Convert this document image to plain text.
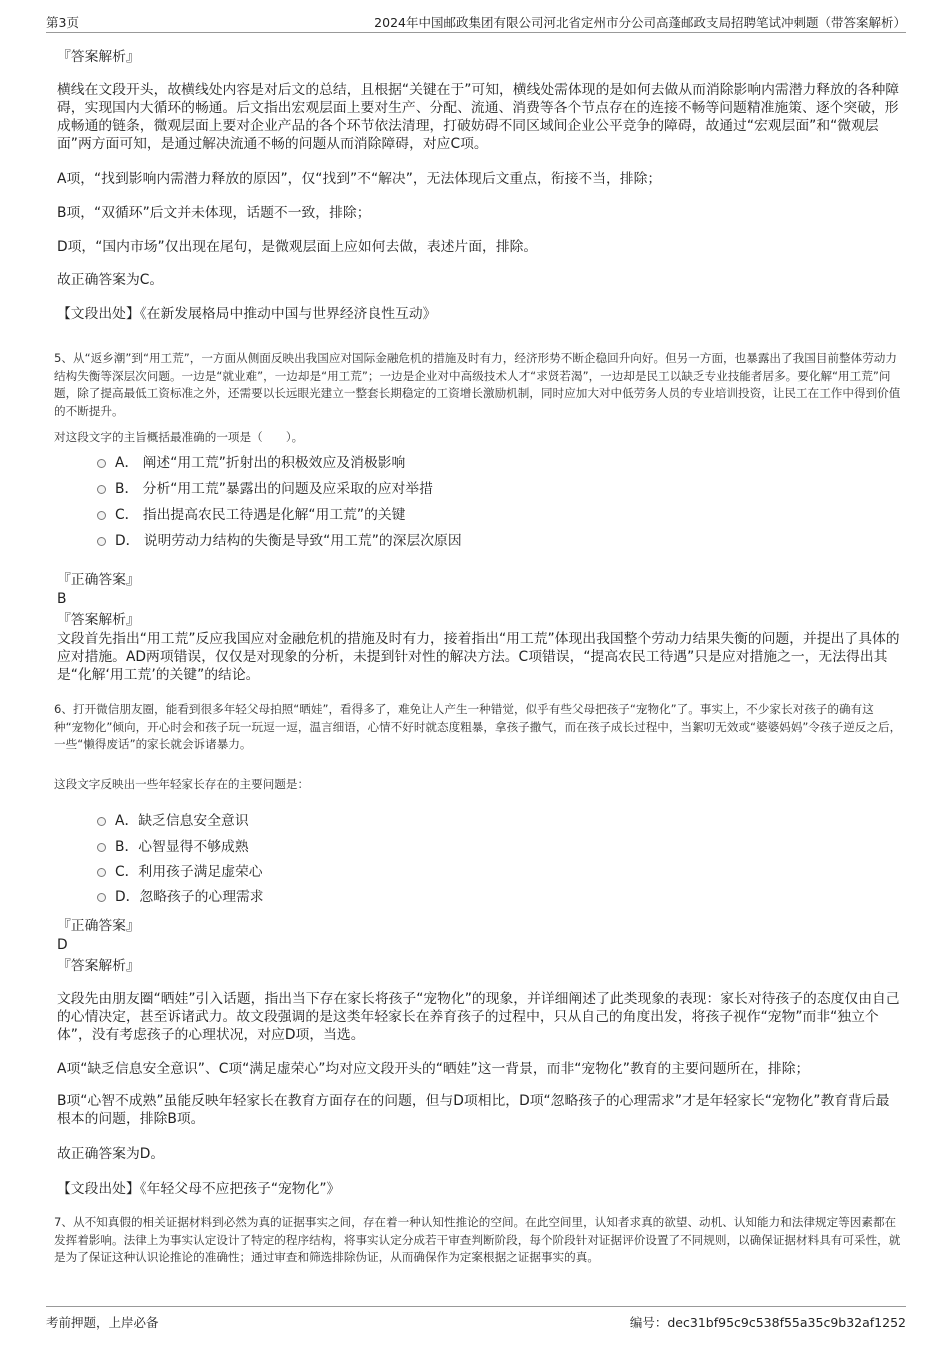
第3页	2024年中国邮政集团有限公司河北省定州市分公司高蓬邮政支局招聘笔试冲刺题（带答案解析）
『答案解析』
横线在文段开头，故横线处内容是对后文的总结，且根据“关键在于”可知，横线处需体现的是如何去做从而消除影响内需潜力释放的各种障碍，实现国内大循环的畅通。后文指出宏观层面上要对生产、分配、流通、消费等各个节点存在的连接不畅等问题精准施策、逐个突破，形成畅通的链条，微观层面上要对企业产品的各个环节依法清理，打破妨碍不同区域间企业公平竞争的障碍，故通过“宏观层面”和“微观层面”两方面可知，是通过解决流通不畅的问题从而消除障碍，对应C项。
A项，“找到影响内需潜力释放的原因”，仅“找到”不“解决”，无法体现后文重点，衔接不当，排除；
B项，“双循环”后文并未体现，话题不一致，排除；
D项，“国内市场”仅出现在尾句，是微观层面上应如何去做，表述片面，排除。
故正确答案为C。
【文段出处】《在新发展格局中推动中国与世界经济良性互动》
5、从“返乡潮”到“用工荒”，一方面从侧面反映出我国应对国际金融危机的措施及时有力，经济形势不断企稳回升向好。但另一方面，也暴露出了我国目前整体劳动力结构失衡等深层次问题。一边是“就业难”，一边却是“用工荒”；一边是企业对中高级技术人才“求贤若渴”，一边却是民工以缺乏专业技能者居多。要化解“用工荒”问题，除了提高最低工资标准之外，还需要以长远眼光建立一整套长期稳定的工资增长激励机制，同时应加大对中低劳务人员的专业培训投资，让民工在工作中得到价值的不断提升。
对这段文字的主旨概括最准确的一项是（　　）。
A． 阐述“用工荒”折射出的积极效应及消极影响
B． 分析“用工荒”暴露出的问题及应采取的应对举措
C． 指出提高农民工待遇是化解“用工荒”的关键
D． 说明劳动力结构的失衡是导致“用工荒”的深层次原因
『正确答案』
B
『答案解析』
文段首先指出“用工荒”反应我国应对金融危机的措施及时有力，接着指出“用工荒”体现出我国整个劳动力结果失衡的问题，并提出了具体的应对措施。AD两项错误，仅仅是对现象的分析，未提到针对性的解决方法。C项错误，“提高农民工待遇”只是应对措施之一，无法得出其是“化解‘用工荒’的关键”的结论。
6、打开微信朋友圈，能看到很多年轻父母拍照“晒娃”，看得多了，难免让人产生一种错觉，似乎有些父母把孩子“宠物化”了。事实上，不少家长对孩子的确有这种“宠物化”倾向，开心时会和孩子玩一玩逗一逗，温言细语，心情不好时就态度粗暴，拿孩子撒气，而在孩子成长过程中，当絮叨无效或“婆婆妈妈”令孩子逆反之后，一些“懒得废话”的家长就会诉诸暴力。
这段文字反映出一些年轻家长存在的主要问题是：
A．缺乏信息安全意识
B．心智显得不够成熟
C．利用孩子满足虚荣心
D．忽略孩子的心理需求
『正确答案』
D
『答案解析』
文段先由朋友圈“晒娃”引入话题，指出当下存在家长将孩子“宠物化”的现象，并详细阐述了此类现象的表现：家长对待孩子的态度仅由自己的心情决定，甚至诉诸武力。故文段强调的是这类年轻家长在养育孩子的过程中，只从自己的角度出发，将孩子视作“宠物”而非“独立个体”，没有考虑孩子的心理状况，对应D项，当选。
A项“缺乏信息安全意识”、C项“满足虚荣心”均对应文段开头的“晒娃”这一背景，而非“宠物化”教育的主要问题所在，排除；
B项“心智不成熟”虽能反映年轻家长在教育方面存在的问题，但与D项相比，D项“忽略孩子的心理需求”才是年轻家长“宠物化”教育背后最根本的问题，排除B项。
故正确答案为D。
【文段出处】《年轻父母不应把孩子“宠物化”》
7、从不知真假的相关证据材料到必然为真的证据事实之间，存在着一种认知性推论的空间。在此空间里，认知者求真的欲望、动机、认知能力和法律规定等因素都在发挥着影响。法律上为事实认定设计了特定的程序结构，将事实认定分成若干审查判断阶段，每个阶段针对证据评价设置了不同规则，以确保证据材料具有可采性，就是为了保证这种认识论推论的准确性；通过审查和筛选排除伪证，从而确保作为定案根据之证据事实的真。
考前押题，上岸必备	编号：dec31bf95c9c538f55a35c9b32af1252
